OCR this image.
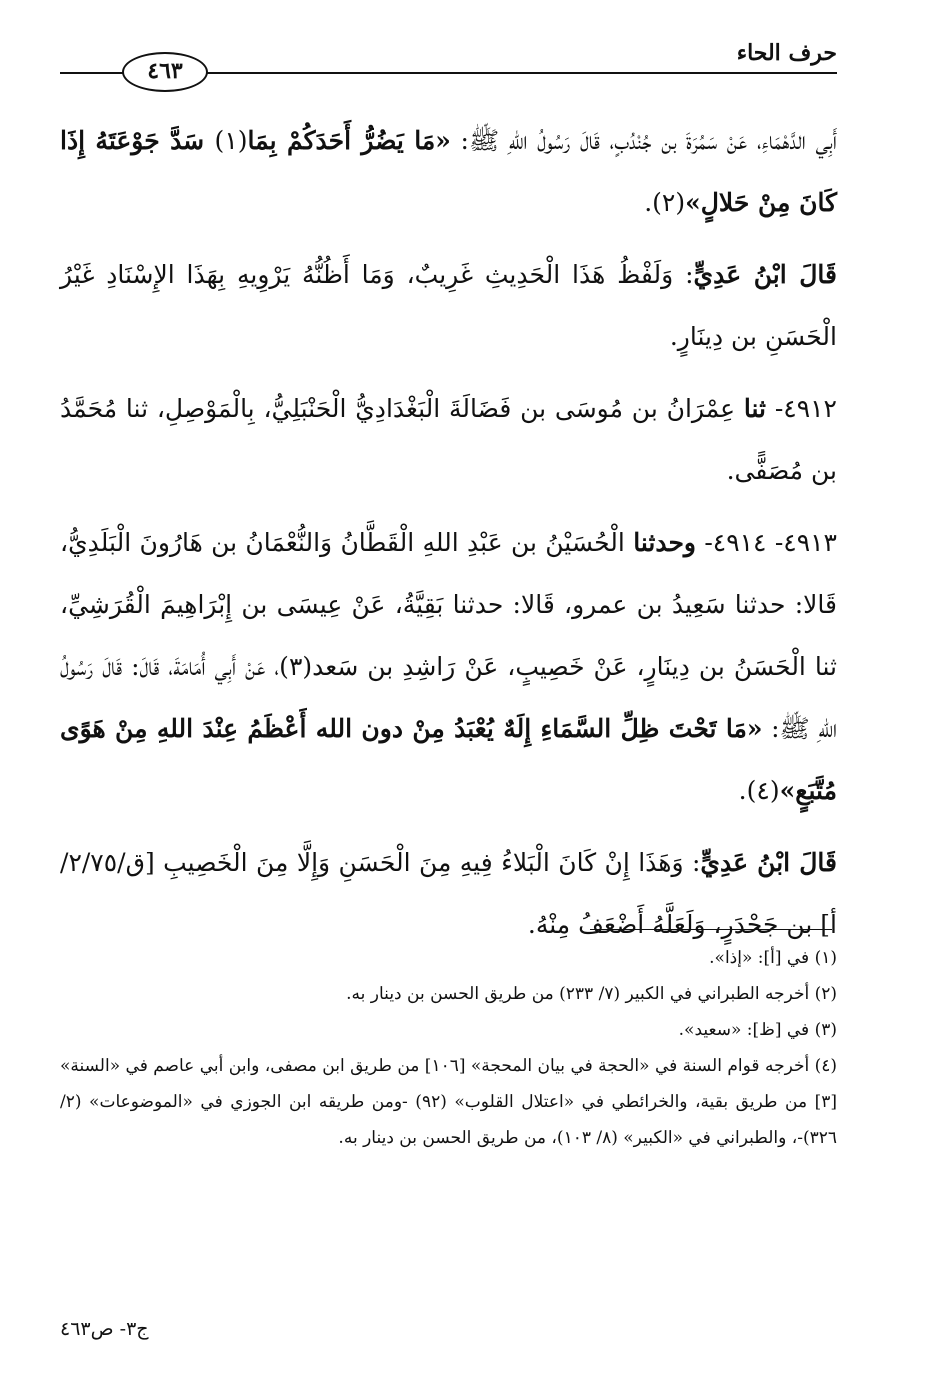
حرف الحاء
٤٦٣

أَبِي الدَّهْمَاءِ، عَنْ سَمُرَةَ بن جُنْدُبٍ، قَالَ رَسُولُ اللهِ ﷺ: «مَا يَضُرُّ أَحَدَكُمْ بِمَا(١) سَدَّ جَوْعَتَهُ إِذَا كَانَ مِنْ حَلالٍ»(٢).

قَالَ ابْنُ عَدِيٍّ: وَلَفْظُ هَذَا الْحَدِيثِ غَرِيبٌ، وَمَا أَظُنُّهُ يَرْوِيهِ بِهَذَا الإِسْنَادِ غَيْرُ الْحَسَنِ بن دِينَارٍ.

٤٩١٢- ثنا عِمْرَانُ بن مُوسَى بن فَضَالَةَ الْبَغْدَادِيُّ الْحَنْبَلِيُّ، بِالْمَوْصِلِ، ثنا مُحَمَّدُ بن مُصَفًّى.

٤٩١٣- ٤٩١٤- وحدثنا الْحُسَيْنُ بن عَبْدِ اللهِ الْقَطَّانُ وَالنُّعْمَانُ بن هَارُونَ الْبَلَدِيُّ، قَالا: حدثنا سَعِيدُ بن عمرو، قَالا: حدثنا بَقِيَّةُ، عَنْ عِيسَى بن إِبْرَاهِيمَ الْقُرَشِيِّ، ثنا الْحَسَنُ بن دِينَارٍ، عَنْ خَصِيبٍ، عَنْ رَاشِدِ بن سَعد(٣)، عَنْ أَبِي أُمَامَةَ، قَالَ: قَالَ رَسُولُ اللهِ ﷺ: «مَا تَحْتَ ظِلِّ السَّمَاءِ إِلَهٌ يُعْبَدُ مِنْ دون الله أَعْظَمُ عِنْدَ اللهِ مِنْ هَوًى مُتَّبَعٍ»(٤).

قَالَ ابْنُ عَدِيٍّ: وَهَذَا إِنْ كَانَ الْبَلاءُ فِيهِ مِنَ الْحَسَنِ وَإِلَّا مِنَ الْخَصِيبِ [ق/٢/٧٥/أ] بن جَحْدَرٍ، وَلَعَلَّهُ أَضْعَفُ مِنْهُ.

(١) في [أ]: «إذا».

(٢) أخرجه الطبراني في الكبير (٧/ ٢٣٣) من طريق الحسن بن دينار به.

(٣) في [ظ]: «سعيد».

(٤) أخرجه قوام السنة في «الحجة في بيان المحجة» [١٠٦] من طريق ابن مصفى، وابن أبي عاصم في «السنة» [٣] من طريق بقية، والخرائطي في «اعتلال القلوب» (٩٢) -ومن طريقه ابن الجوزي في «الموضوعات» (٢/ ٣٢٦)-، والطبراني في «الكبير» (٨/ ١٠٣)، من طريق الحسن بن دينار به.

ج٣- ص٤٦٣
